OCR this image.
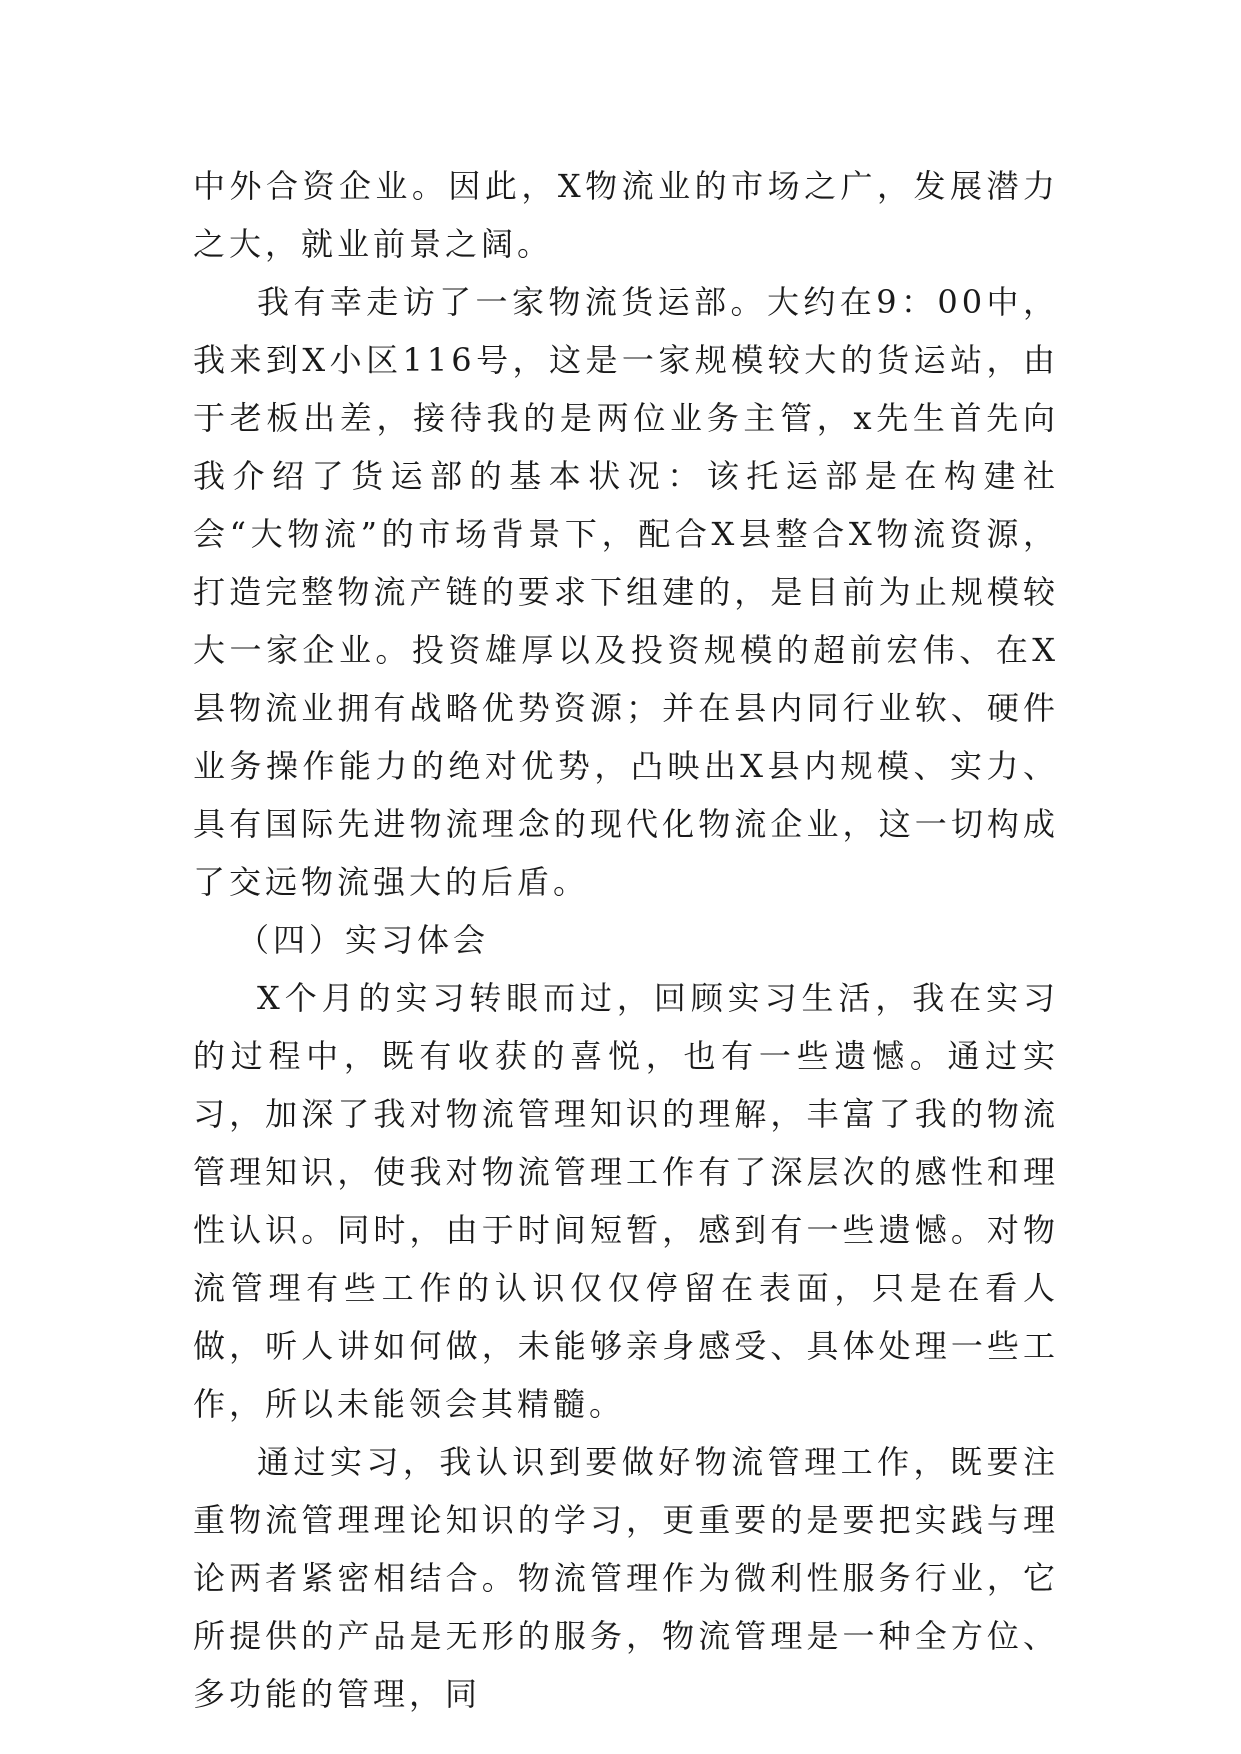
中外合资企业。因此，X物流业的市场之广，发展潜力之大，就业前景之阔。

我有幸走访了一家物流货运部。大约在9：00中，我来到X小区116号，这是一家规模较大的货运站，由于老板出差，接待我的是两位业务主管，x先生首先向我介绍了货运部的基本状况：该托运部是在构建社会“大物流”的市场背景下，配合X县整合X物流资源，打造完整物流产链的要求下组建的，是目前为止规模较大一家企业。投资雄厚以及投资规模的超前宏伟、在X县物流业拥有战略优势资源；并在县内同行业软、硬件业务操作能力的绝对优势，凸映出X县内规模、实力、具有国际先进物流理念的现代化物流企业，这一切构成了交远物流强大的后盾。

（四）实习体会

X个月的实习转眼而过，回顾实习生活，我在实习的过程中，既有收获的喜悦，也有一些遗憾。通过实习，加深了我对物流管理知识的理解，丰富了我的物流管理知识，使我对物流管理工作有了深层次的感性和理性认识。同时，由于时间短暂，感到有一些遗憾。对物流管理有些工作的认识仅仅停留在表面，只是在看人做，听人讲如何做，未能够亲身感受、具体处理一些工作，所以未能领会其精髓。

通过实习，我认识到要做好物流管理工作，既要注重物流管理理论知识的学习，更重要的是要把实践与理论两者紧密相结合。物流管理作为微利性服务行业，它所提供的产品是无形的服务，物流管理是一种全方位、多功能的管理，同
